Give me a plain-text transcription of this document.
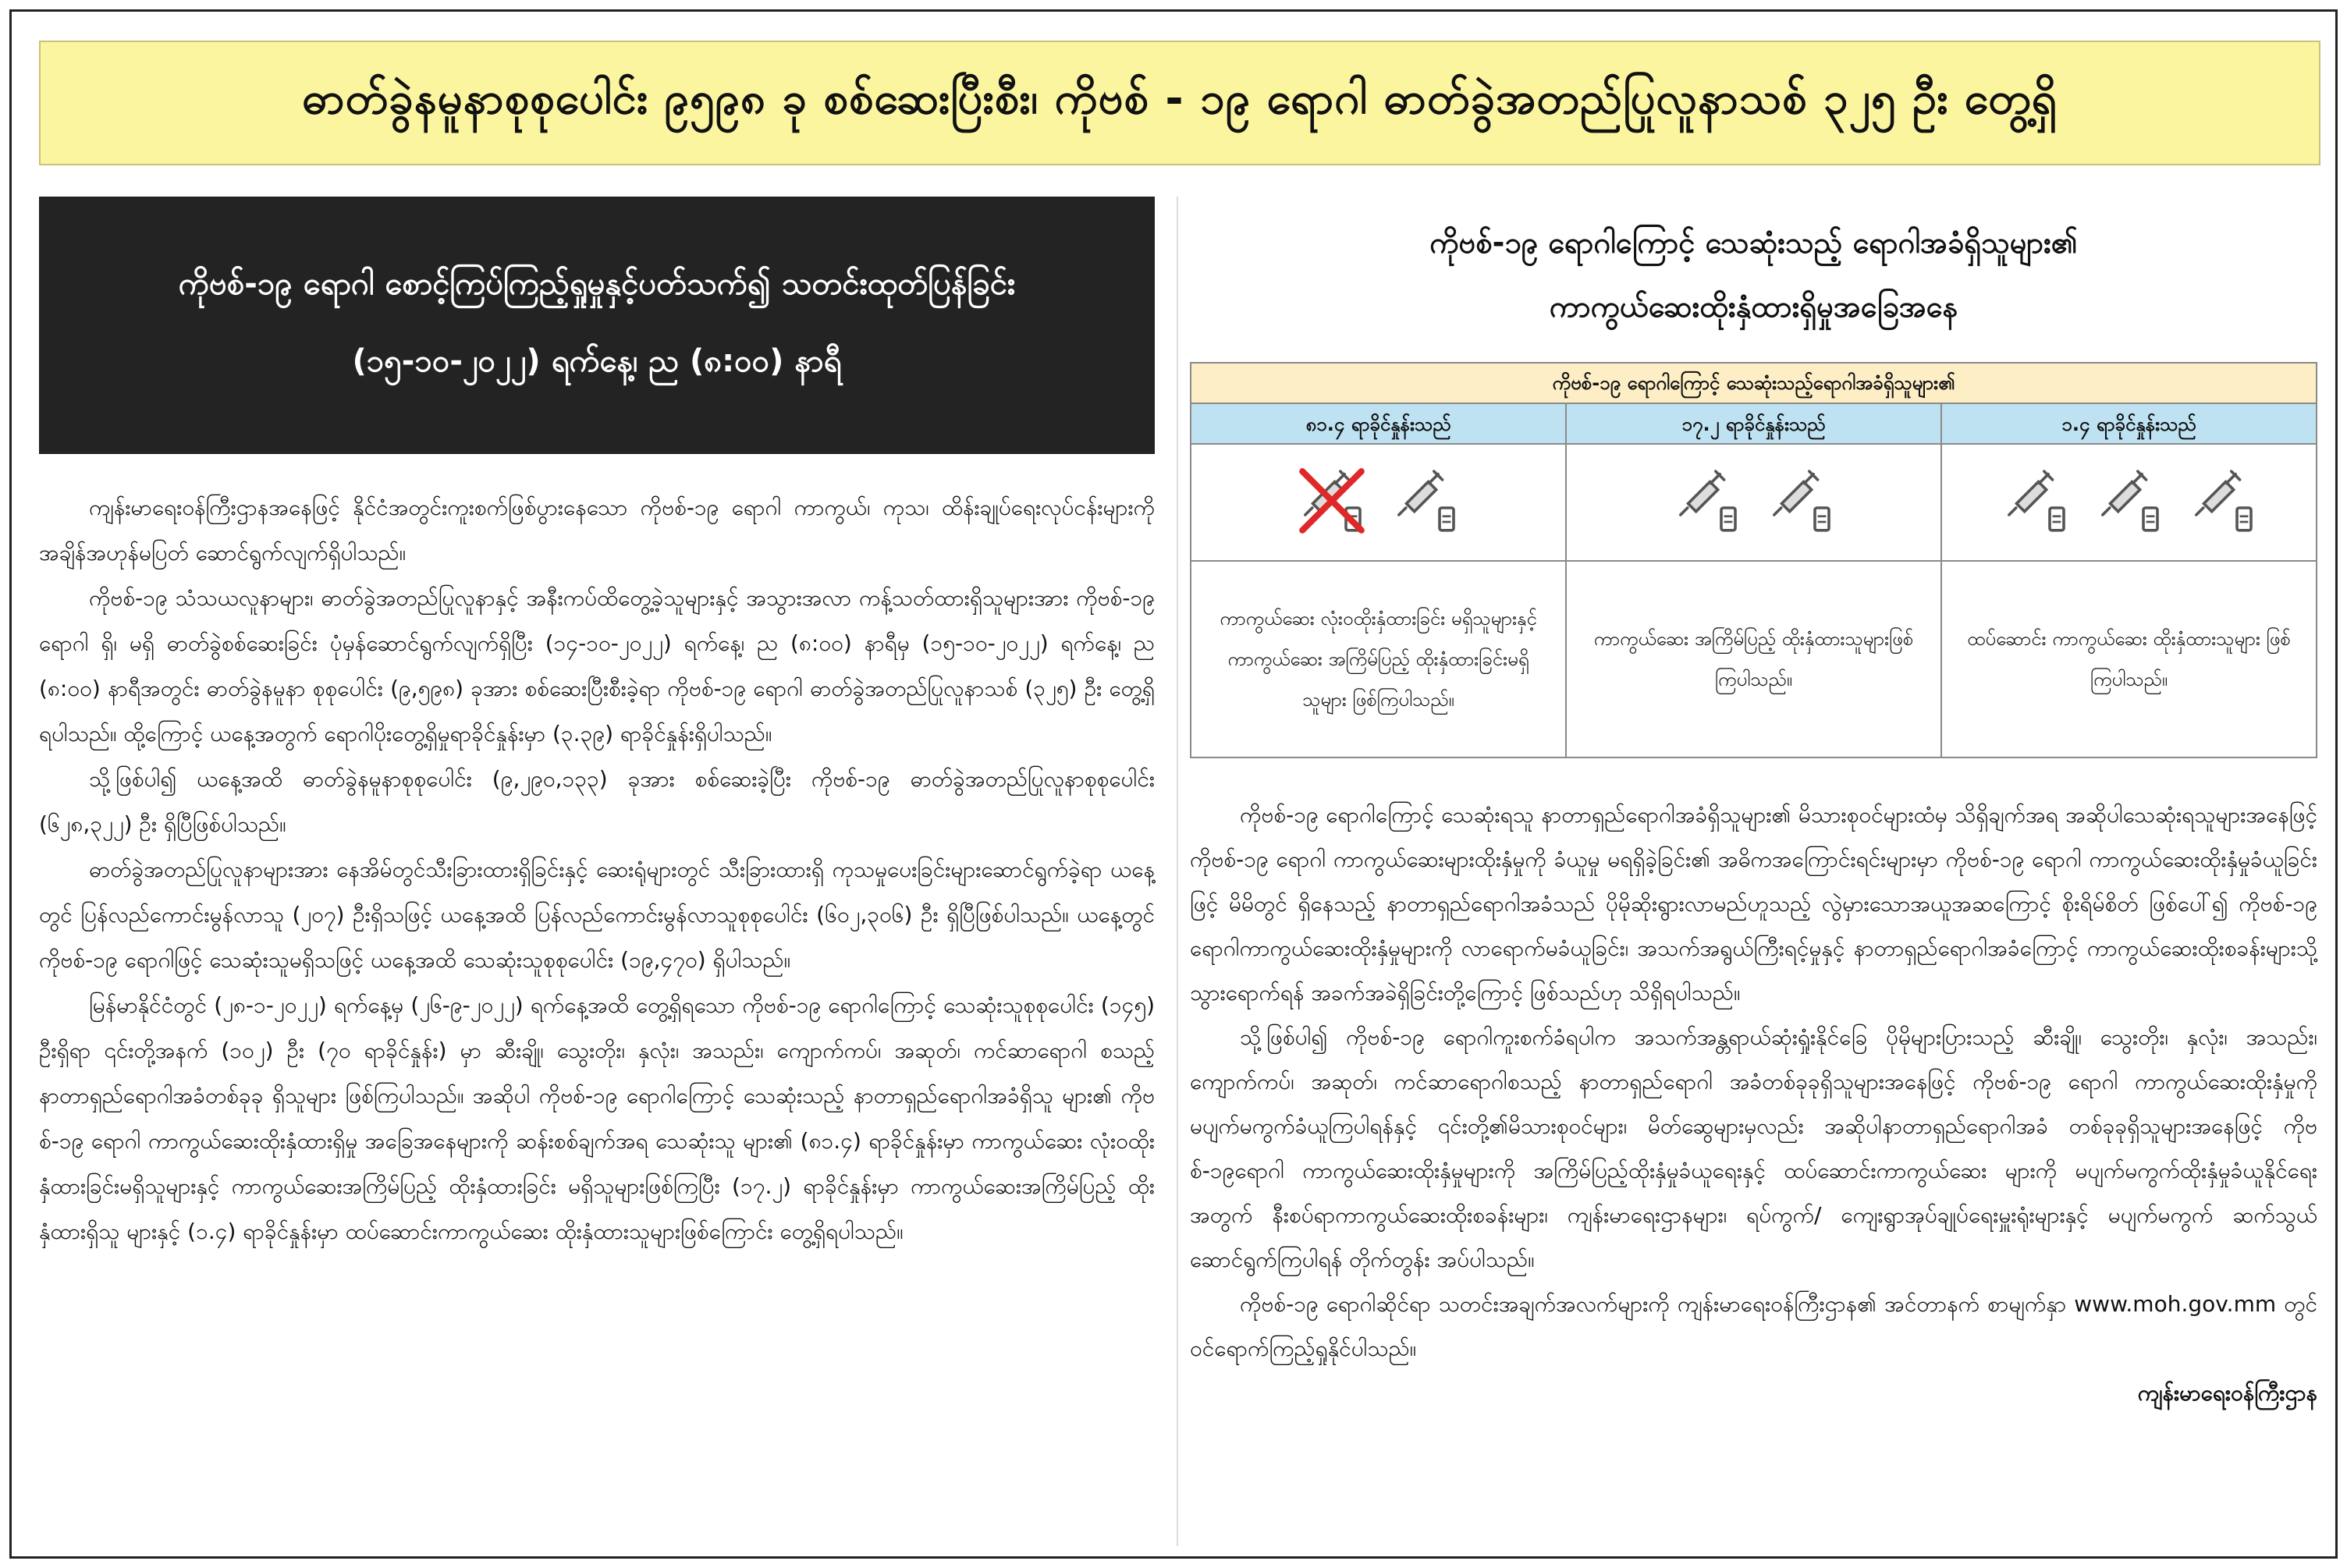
ဓာတ်ခွဲနမူနာစုစုပေါင်း ၉၅၉၈ ခု စစ်ဆေးပြီးစီး၊ ကိုဗစ် - ၁၉ ရောဂါ ဓာတ်ခွဲအတည်ပြုလူနာသစ် ၃၂၅ ဦး တွေ့ရှိ
ကိုဗစ်-၁၉ ရောဂါ စောင့်ကြပ်ကြည့်ရှုမှုနှင့်ပတ်သက်၍ သတင်းထုတ်ပြန်ခြင်း
(၁၅-၁၀-၂၀၂၂) ရက်နေ့၊ ည (၈:၀၀) နာရီ

ကျန်းမာရေးဝန်ကြီးဌာနအနေဖြင့် နိုင်ငံအတွင်းကူးစက်ဖြစ်ပွားနေသော ကိုဗစ်-၁၉ ရောဂါ ကာကွယ်၊ ကုသ၊ ထိန်းချုပ်ရေးလုပ်ငန်းများကို အချိန်အဟုန်မပြတ် ဆောင်ရွက်လျက်ရှိပါသည်။

ကိုဗစ်-၁၉ သံသယလူနာများ၊ ဓာတ်ခွဲအတည်ပြုလူနာနှင့် အနီးကပ်ထိတွေ့ခဲ့သူများနှင့် အသွားအလာ ကန့်သတ်ထားရှိသူများအား ကိုဗစ်-၁၉ ရောဂါ ရှိ၊ မရှိ ဓာတ်ခွဲစစ်ဆေးခြင်း ပုံမှန်ဆောင်ရွက်လျက်ရှိပြီး (၁၄-၁၀-၂၀၂၂) ရက်နေ့၊ ည (၈:၀၀) နာရီမှ (၁၅-၁၀-၂၀၂၂) ရက်နေ့၊ ည (၈:၀၀) နာရီအတွင်း ဓာတ်ခွဲနမူနာ စုစုပေါင်း (၉,၅၉၈) ခုအား စစ်ဆေးပြီးစီးခဲ့ရာ ကိုဗစ်-၁၉ ရောဂါ ဓာတ်ခွဲအတည်ပြုလူနာသစ် (၃၂၅) ဦး တွေ့ရှိရပါသည်။ ထို့ကြောင့် ယနေ့အတွက် ရောဂါပိုးတွေ့ရှိမှုရာခိုင်နှုန်းမှာ (၃.၃၉) ရာခိုင်နှုန်းရှိပါသည်။

သို့ဖြစ်ပါ၍ ယနေ့အထိ ဓာတ်ခွဲနမူနာစုစုပေါင်း (၉,၂၉၀,၁၃၃) ခုအား စစ်ဆေးခဲ့ပြီး ကိုဗစ်-၁၉ ဓာတ်ခွဲအတည်ပြုလူနာစုစုပေါင်း (၆၂၈,၃၂၂) ဦး ရှိပြီဖြစ်ပါသည်။

ဓာတ်ခွဲအတည်ပြုလူနာများအား နေအိမ်တွင်သီးခြားထားရှိခြင်းနှင့် ဆေးရုံများတွင် သီးခြားထားရှိ ကုသမှုပေးခြင်းများဆောင်ရွက်ခဲ့ရာ ယနေ့တွင် ပြန်လည်ကောင်းမွန်လာသူ (၂၀၇) ဦးရှိသဖြင့် ယနေ့အထိ ပြန်လည်ကောင်းမွန်လာသူစုစုပေါင်း (၆၀၂,၃၀၆) ဦး ရှိပြီဖြစ်ပါသည်။ ယနေ့တွင် ကိုဗစ်-၁၉ ရောဂါဖြင့် သေဆုံးသူမရှိသဖြင့် ယနေ့အထိ သေဆုံးသူစုစုပေါင်း (၁၉,၄၇၀) ရှိပါသည်။

မြန်မာနိုင်ငံတွင် (၂၈-၁-၂၀၂၂) ရက်နေ့မှ (၂၆-၉-၂၀၂၂) ရက်နေ့အထိ တွေ့ရှိရသော ကိုဗစ်-၁၉ ရောဂါကြောင့် သေဆုံးသူစုစုပေါင်း (၁၄၅) ဦးရှိရာ ၎င်းတို့အနက် (၁၀၂) ဦး (၇၀ ရာခိုင်နှုန်း) မှာ ဆီးချို၊ သွေးတိုး၊ နှလုံး၊ အသည်း၊ ကျောက်ကပ်၊ အဆုတ်၊ ကင်ဆာရောဂါ စသည့် နာတာရှည်ရောဂါအခံတစ်ခုခု ရှိသူများ ဖြစ်ကြပါသည်။ အဆိုပါ ကိုဗစ်-၁၉ ရောဂါကြောင့် သေဆုံးသည့် နာတာရှည်ရောဂါအခံရှိသူ များ၏ ကိုဗစ်-၁၉ ရောဂါ ကာကွယ်ဆေးထိုးနှံထားရှိမှု အခြေအနေများကို ဆန်းစစ်ချက်အရ သေဆုံးသူ များ၏ (၈၁.၄) ရာခိုင်နှုန်းမှာ ကာကွယ်ဆေး လုံးဝထိုးနှံထားခြင်းမရှိသူများနှင့် ကာကွယ်ဆေးအကြိမ်ပြည့် ထိုးနှံထားခြင်း မရှိသူများဖြစ်ကြပြီး (၁၇.၂) ရာခိုင်နှုန်းမှာ ကာကွယ်ဆေးအကြိမ်ပြည့် ထိုးနှံထားရှိသူ များနှင့် (၁.၄) ရာခိုင်နှုန်းမှာ ထပ်ဆောင်းကာကွယ်ဆေး ထိုးနှံထားသူများဖြစ်ကြောင်း တွေ့ရှိရပါသည်။

ကိုဗစ်-၁၉ ရောဂါကြောင့် သေဆုံးသည့် ရောဂါအခံရှိသူများ၏
ကာကွယ်ဆေးထိုးနှံထားရှိမှုအခြေအနေ
ကိုဗစ်-၁၉ ရောဂါကြောင့် သေဆုံးသည့်ရောဂါအခံရှိသူများ၏
၈၁.၄ ရာခိုင်နှုန်းသည်	၁၇.၂ ရာခိုင်နှုန်းသည်	၁.၄ ရာခိုင်နှုန်းသည်
ကာကွယ်ဆေး လုံးဝထိုးနှံထားခြင်း မရှိသူများနှင့် ကာကွယ်ဆေး အကြိမ်ပြည့် ထိုးနှံထားခြင်းမရှိ သူများ ဖြစ်ကြပါသည်။
ကာကွယ်ဆေး အကြိမ်ပြည့် ထိုးနှံထားသူများဖြစ်ကြပါသည်။
ထပ်ဆောင်း ကာကွယ်ဆေး ထိုးနှံထားသူများ ဖြစ်ကြပါသည်။

ကိုဗစ်-၁၉ ရောဂါကြောင့် သေဆုံးရသူ နာတာရှည်ရောဂါအခံရှိသူများ၏ မိသားစုဝင်များထံမှ သိရှိချက်အရ အဆိုပါသေဆုံးရသူများအနေဖြင့် ကိုဗစ်-၁၉ ရောဂါ ကာကွယ်ဆေးများထိုးနှံမှုကို ခံယူမှု မရရှိခဲ့ခြင်း၏ အဓိကအကြောင်းရင်းများမှာ ကိုဗစ်-၁၉ ရောဂါ ကာကွယ်ဆေးထိုးနှံမှုခံယူခြင်းဖြင့် မိမိတွင် ရှိနေသည့် နာတာရှည်ရောဂါအခံသည် ပိုမိုဆိုးရွားလာမည်ဟူသည့် လွဲမှားသောအယူအဆကြောင့် စိုးရိမ်စိတ် ဖြစ်ပေါ်၍ ကိုဗစ်-၁၉ ရောဂါကာကွယ်ဆေးထိုးနှံမှုများကို လာရောက်မခံယူခြင်း၊ အသက်အရွယ်ကြီးရင့်မှုနှင့် နာတာရှည်ရောဂါအခံကြောင့် ကာကွယ်ဆေးထိုးစခန်းများသို့ သွားရောက်ရန် အခက်အခဲရှိခြင်းတို့ကြောင့် ဖြစ်သည်ဟု သိရှိရပါသည်။

သို့ဖြစ်ပါ၍ ကိုဗစ်-၁၉ ရောဂါကူးစက်ခံရပါက အသက်အန္တရာယ်ဆုံးရှုံးနိုင်ခြေ ပိုမိုများပြားသည့် ဆီးချို၊ သွေးတိုး၊ နှလုံး၊ အသည်း၊ ကျောက်ကပ်၊ အဆုတ်၊ ကင်ဆာရောဂါစသည့် နာတာရှည်ရောဂါ အခံတစ်ခုခုရှိသူများအနေဖြင့် ကိုဗစ်-၁၉ ရောဂါ ကာကွယ်ဆေးထိုးနှံမှုကို မပျက်မကွက်ခံယူကြပါရန်နှင့် ၎င်းတို့၏မိသားစုဝင်များ၊ မိတ်ဆွေများမှလည်း အဆိုပါနာတာရှည်ရောဂါအခံ တစ်ခုခုရှိသူများအနေဖြင့် ကိုဗစ်-၁၉ရောဂါ ကာကွယ်ဆေးထိုးနှံမှုများကို အကြိမ်ပြည့်ထိုးနှံမှုခံယူရေးနှင့် ထပ်ဆောင်းကာကွယ်ဆေး များကို မပျက်မကွက်ထိုးနှံမှုခံယူနိုင်ရေးအတွက် နီးစပ်ရာကာကွယ်ဆေးထိုးစခန်းများ၊ ကျန်းမာရေးဌာနများ၊ ရပ်ကွက်/ ကျေးရွာအုပ်ချုပ်ရေးမှူးရုံးများနှင့် မပျက်မကွက် ဆက်သွယ်ဆောင်ရွက်ကြပါရန် တိုက်တွန်း အပ်ပါသည်။

ကိုဗစ်-၁၉ ရောဂါဆိုင်ရာ သတင်းအချက်အလက်များကို ကျန်းမာရေးဝန်ကြီးဌာန၏ အင်တာနက် စာမျက်နှာ www.moh.gov.mm တွင် ဝင်ရောက်ကြည့်ရှုနိုင်ပါသည်။

ကျန်းမာရေးဝန်ကြီးဌာန
